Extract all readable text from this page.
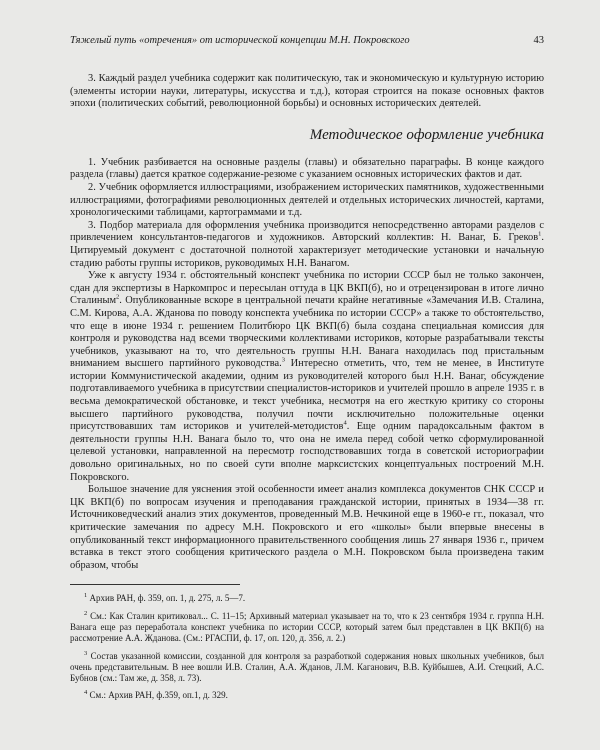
Тяжелый путь «отречения» от исторической концепции М.Н. Покровского	43

3. Каждый раздел учебника содержит как политическую, так и экономическую и культурную историю (элементы истории науки, литературы, искусства и т.д.), которая строится на показе основных фактов эпохи (политических событий, революционной борьбы) и основных исторических деятелей.

Методическое оформление учебника

1. Учебник разбивается на основные разделы (главы) и обязательно параграфы. В конце каждого раздела (главы) дается краткое содержание-резюме с указанием основных исторических фактов и дат.

2. Учебник оформляется иллюстрациями, изображением исторических памятников, художественными иллюстрациями, фотографиями революционных деятелей и отдельных исторических личностей, картами, хронологическими таблицами, картограммами и т.д.

3. Подбор материала для оформления учебника производится непосредственно авторами разделов с привлечением консультантов-педагогов и художников. Авторский коллектив: Н. Ванаг, Б. Греков$^1$. Цитируемый документ с достаточной полнотой характеризует методические установки и начальную стадию работы группы историков, руководимых Н.Н. Ванагом.

Уже к августу 1934 г. обстоятельный конспект учебника по истории СССР был не только закончен, сдан для экспертизы в Наркомпрос и пересылан оттуда в ЦК ВКП(б), но и отрецензирован в итоге лично Сталиным$^2$. Опубликованные вскоре в центральной печати крайне негативные «Замечания И.В. Сталина, С.М. Кирова, А.А. Жданова по поводу конспекта учебника по истории СССР» а также то обстоятельство, что еще в июне 1934 г. решением Политбюро ЦК ВКП(б) была создана специальная комиссия для контроля и руководства над всеми творческими коллективами историков, которые разрабатывали тексты учебников, указывают на то, что деятельность группы Н.Н. Ванага находилась под пристальным вниманием высшего партийного руководства.$^3$ Интересно отметить, что, тем не менее, в Институте истории Коммунистической академии, одним из руководителей которого был Н.Н. Ванаг, обсуждение подготавливаемого учебника в присутствии специалистов-историков и учителей прошло в апреле 1935 г. в весьма демократической обстановке, и текст учебника, несмотря на его жесткую критику со стороны высшего партийного руководства, получил почти исключительно положительные оценки присутствовавших там историков и учителей-методистов$^4$. Еще одним парадоксальным фактом в деятельности группы Н.Н. Ванага было то, что она не имела перед собой четко сформулированной целевой установки, направленной на пересмотр господствовавших тогда в советской историографии довольно оригинальных, но по своей сути вполне марксистских концептуальных построений М.Н. Покровского.

Большое значение для уяснения этой особенности имеет анализ комплекса документов СНК СССР и ЦК ВКП(б) по вопросам изучения и преподавания гражданской истории, принятых в 1934—38 гг. Источниковедческий анализ этих документов, проведенный М.В. Нечкиной еще в 1960-е гг., показал, что критические замечания по адресу М.Н. Покровского и его «школы» были впервые внесены в опубликованный текст информационного правительственного сообщения лишь 27 января 1936 г., причем вставка в текст этого сообщения критического раздела о М.Н. Покровском была произведена таким образом, чтобы

$^1$ Архив РАН, ф. 359, оп. 1, д. 275, л. 5—7.

$^2$ См.: Как Сталин критиковал... С. 11–15; Архивный материал указывает на то, что к 23 сентября 1934 г. группа Н.Н. Ванага еще раз переработала конспект учебника по истории СССР, который затем был представлен в ЦК ВКП(б) на рассмотрение А.А. Жданова. (См.: РГАСПИ, ф. 17, оп. 120, д. 356, л. 2.)

$^3$ Состав указанной комиссии, созданной для контроля за разработкой содержания новых школьных учебников, был очень представительным. В нее вошли И.В. Сталин, А.А. Жданов, Л.М. Каганович, В.В. Куйбышев, А.И. Стецкий, А.С. Бубнов (см.: Там же, д. 358, л. 73).

$^4$ См.: Архив РАН, ф.359, оп.1, д. 329.
